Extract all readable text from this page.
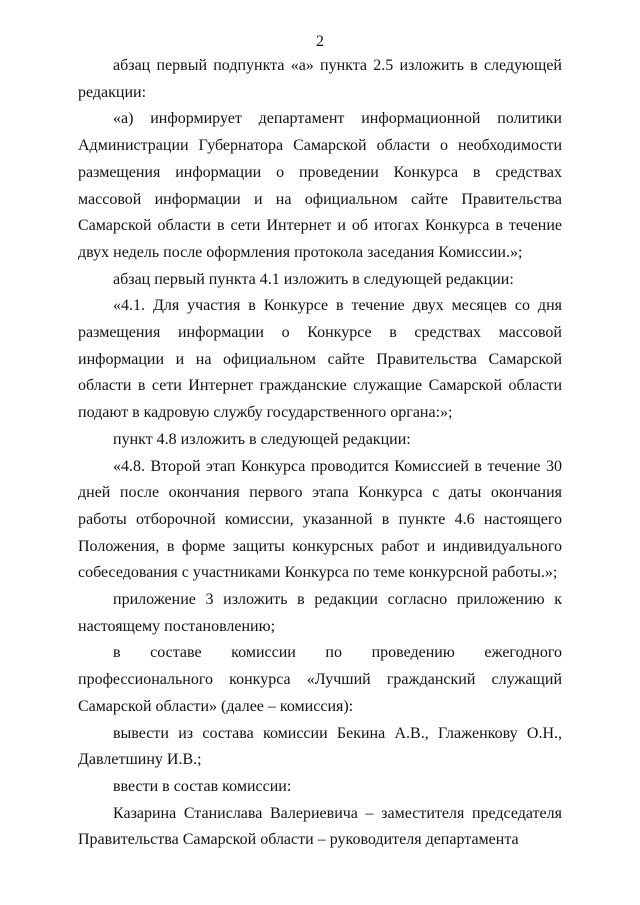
2

абзац первый подпункта «а» пункта 2.5 изложить в следующей редакции:

«а) информирует департамент информационной политики Администрации Губернатора Самарской области о необходимости размещения информации о проведении Конкурса в средствах массовой информации и на официальном сайте Правительства Самарской области в сети Интернет и об итогах Конкурса в течение двух недель после оформления протокола заседания Комиссии.»;

абзац первый пункта 4.1 изложить в следующей редакции:

«4.1. Для участия в Конкурсе в течение двух месяцев со дня размещения информации о Конкурсе в средствах массовой информации и на официальном сайте Правительства Самарской области в сети Интернет гражданские служащие Самарской области подают в кадровую службу государственного органа:»;

пункт 4.8 изложить в следующей редакции:

«4.8. Второй этап Конкурса проводится Комиссией в течение 30 дней после окончания первого этапа Конкурса с даты окончания работы отборочной комиссии, указанной в пункте 4.6 настоящего Положения, в форме защиты конкурсных работ и индивидуального собеседования с участниками Конкурса по теме конкурсной работы.»;

приложение 3 изложить в редакции согласно приложению к настоящему постановлению;

в составе комиссии по проведению ежегодного профессионального конкурса «Лучший гражданский служащий Самарской области» (далее – комиссия):

вывести из состава комиссии Бекина А.В., Глаженкову О.Н., Давлетшину И.В.;

ввести в состав комиссии:

Казарина Станислава Валериевича – заместителя председателя Правительства Самарской области – руководителя департамента
